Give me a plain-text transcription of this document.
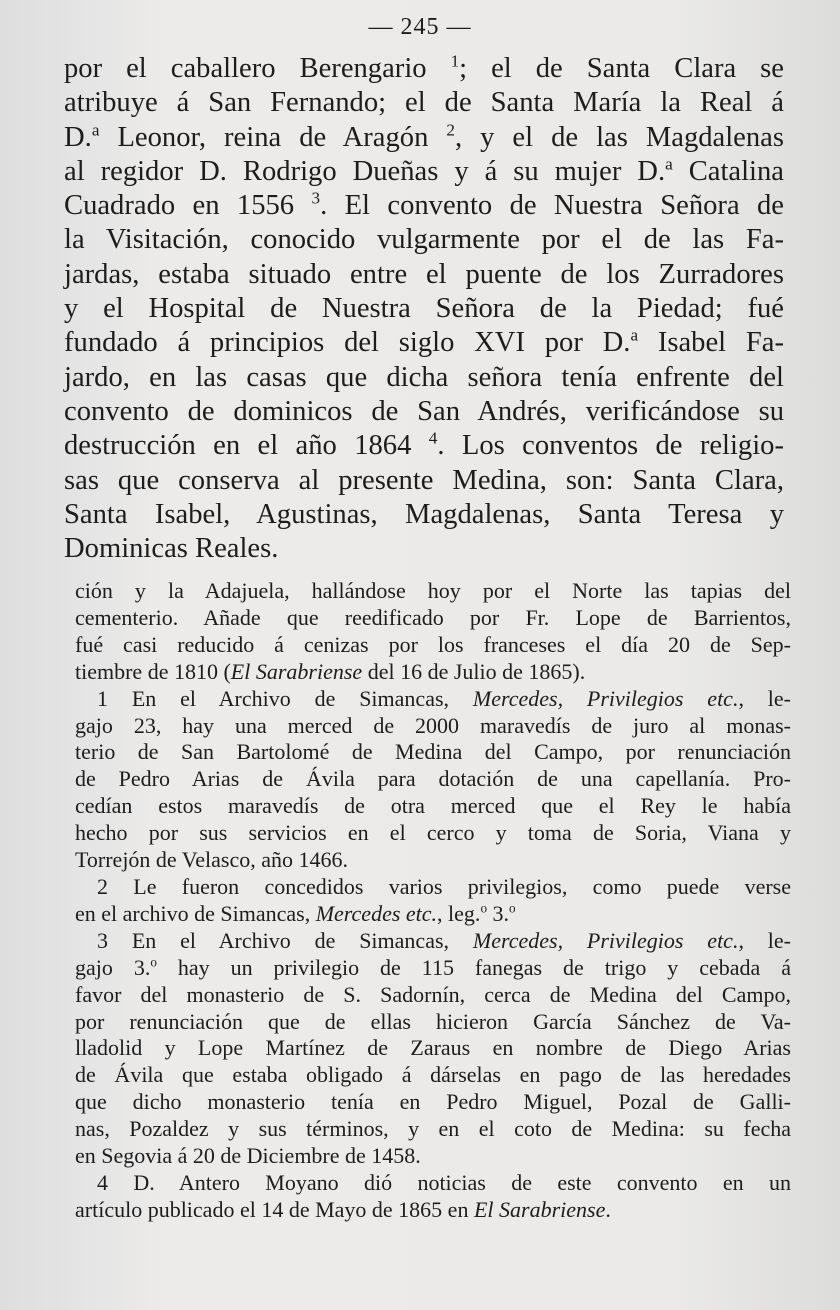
— 245 —
por el caballero Berengario $^1$; el de Santa Clara se
atribuye á San Fernando; el de Santa María la Real á
D.$^a$ Leonor, reina de Aragón $^2$, y el de las Magdalenas
al regidor D. Rodrigo Dueñas y á su mujer D.$^a$ Catalina
Cuadrado en 1556 $^3$. El convento de Nuestra Señora de
la Visitación, conocido vulgarmente por el de las Fa-
jardas, estaba situado entre el puente de los Zurradores
y el Hospital de Nuestra Señora de la Piedad; fué
fundado á principios del siglo XVI por D.$^a$ Isabel Fa-
jardo, en las casas que dicha señora tenía enfrente del
convento de dominicos de San Andrés, verificándose su
destrucción en el año 1864 $^4$. Los conventos de religio-
sas que conserva al presente Medina, son: Santa Clara,
Santa Isabel, Agustinas, Magdalenas, Santa Teresa y
Dominicas Reales.
ción y la Adajuela, hallándose hoy por el Norte las tapias del
cementerio. Añade que reedificado por Fr. Lope de Barrientos,
fué casi reducido á cenizas por los franceses el día 20 de Sep-
tiembre de 1810 (El Sarabriense del 16 de Julio de 1865).
1 En el Archivo de Simancas, Mercedes, Privilegios etc., le-
gajo 23, hay una merced de 2000 maravedís de juro al monas-
terio de San Bartolomé de Medina del Campo, por renunciación
de Pedro Arias de Ávila para dotación de una capellanía. Pro-
cedían estos maravedís de otra merced que el Rey le había
hecho por sus servicios en el cerco y toma de Soria, Viana y
Torrejón de Velasco, año 1466.
2 Le fueron concedidos varios privilegios, como puede verse
en el archivo de Simancas, Mercedes etc., leg.$^o$ 3.$^o$
3 En el Archivo de Simancas, Mercedes, Privilegios etc., le-
gajo 3.$^o$ hay un privilegio de 115 fanegas de trigo y cebada á
favor del monasterio de S. Sadornín, cerca de Medina del Campo,
por renunciación que de ellas hicieron García Sánchez de Va-
lladolid y Lope Martínez de Zaraus en nombre de Diego Arias
de Ávila que estaba obligado á dárselas en pago de las heredades
que dicho monasterio tenía en Pedro Miguel, Pozal de Galli-
nas, Pozaldez y sus términos, y en el coto de Medina: su fecha
en Segovia á 20 de Diciembre de 1458.
4 D. Antero Moyano dió noticias de este convento en un
artículo publicado el 14 de Mayo de 1865 en El Sarabriense.
